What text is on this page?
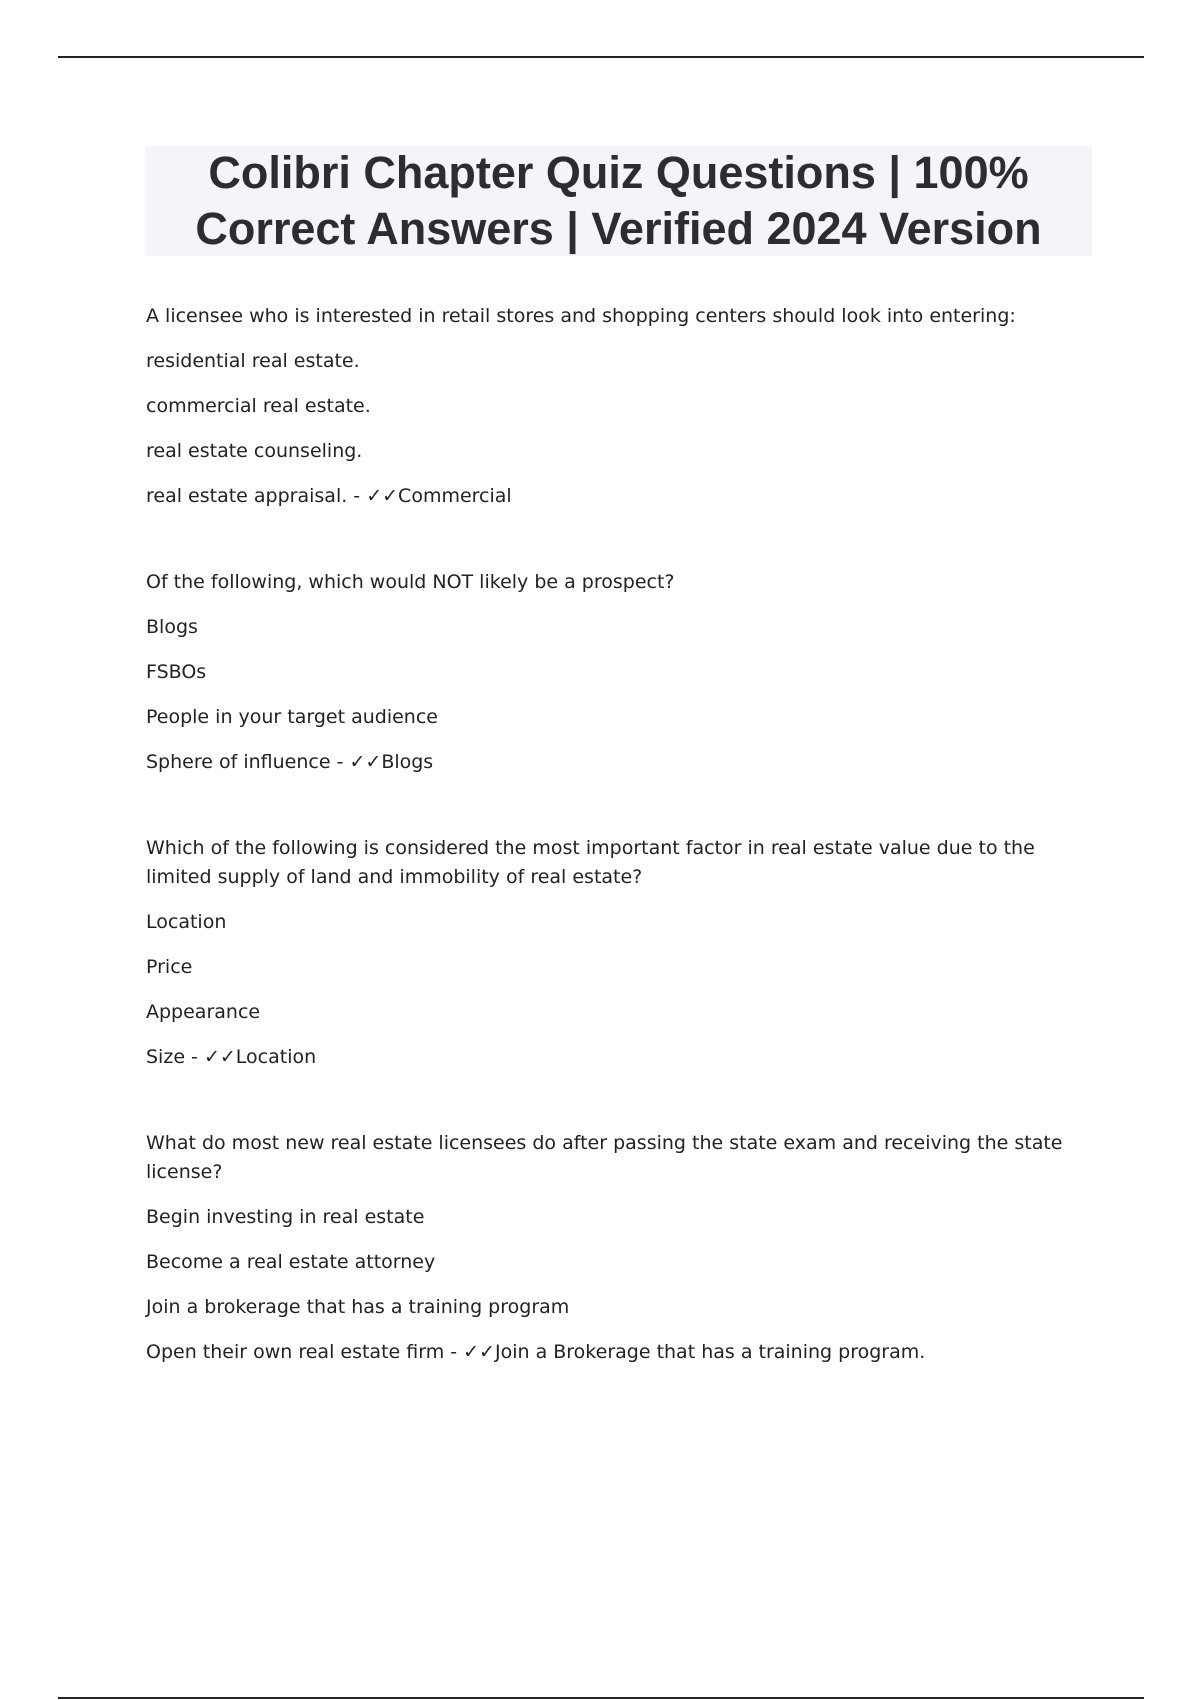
Colibri Chapter Quiz Questions | 100% Correct Answers | Verified 2024 Version
A licensee who is interested in retail stores and shopping centers should look into entering:
residential real estate.
commercial real estate.
real estate counseling.
real estate appraisal. - ✓✓Commercial
Of the following, which would NOT likely be a prospect?
Blogs
FSBOs
People in your target audience
Sphere of influence - ✓✓Blogs
Which of the following is considered the most important factor in real estate value due to the limited supply of land and immobility of real estate?
Location
Price
Appearance
Size - ✓✓Location
What do most new real estate licensees do after passing the state exam and receiving the state license?
Begin investing in real estate
Become a real estate attorney
Join a brokerage that has a training program
Open their own real estate firm - ✓✓Join a Brokerage that has a training program.
